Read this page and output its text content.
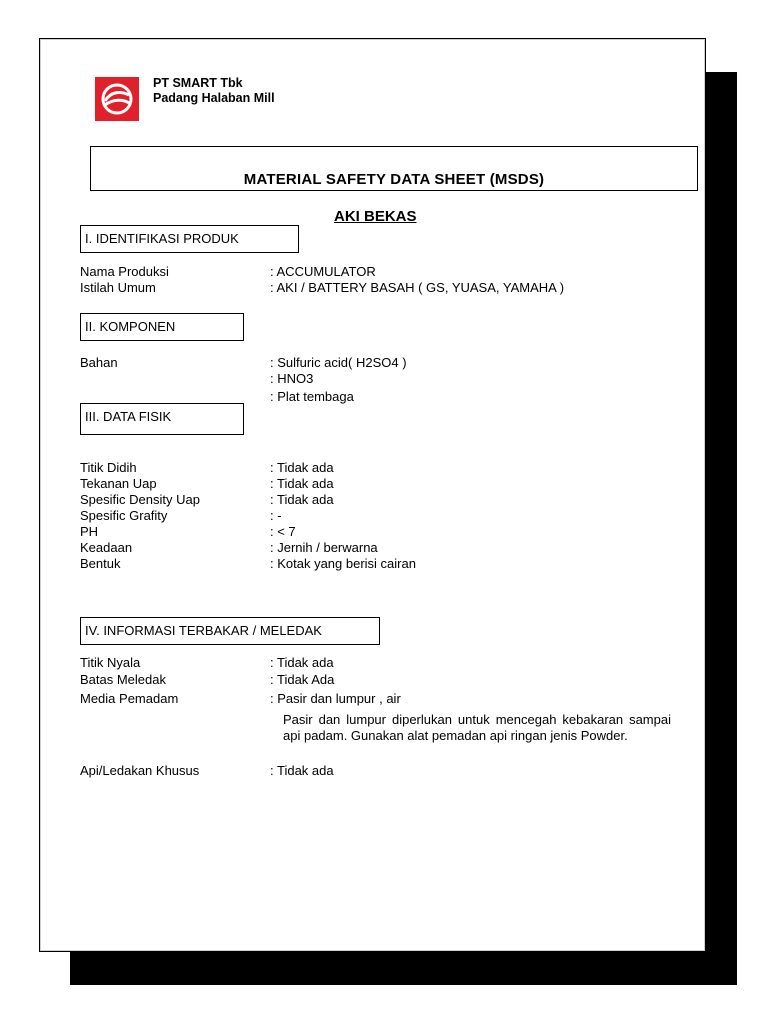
PT SMART Tbk
Padang Halaban Mill
MATERIAL SAFETY DATA SHEET (MSDS)
AKI BEKAS
I. IDENTIFIKASI PRODUK
Nama Produksi	: ACCUMULATOR
Istilah Umum	: AKI / BATTERY BASAH ( GS, YUASA, YAMAHA )
II. KOMPONEN
Bahan	: Sulfuric acid( H2SO4 )
: HNO3
: Plat tembaga
III. DATA FISIK
Titik Didih	: Tidak ada
Tekanan Uap	: Tidak ada
Spesific Density Uap	: Tidak ada
Spesific Grafity	: -
PH	: < 7
Keadaan	: Jernih / berwarna
Bentuk	: Kotak yang berisi cairan
IV. INFORMASI TERBAKAR / MELEDAK
Titik Nyala	: Tidak ada
Batas Meledak	: Tidak Ada
Media Pemadam	: Pasir dan lumpur , air
Pasir dan lumpur diperlukan untuk mencegah kebakaran sampai api padam. Gunakan alat pemadan api ringan jenis Powder.
Api/Ledakan Khusus	: Tidak ada
